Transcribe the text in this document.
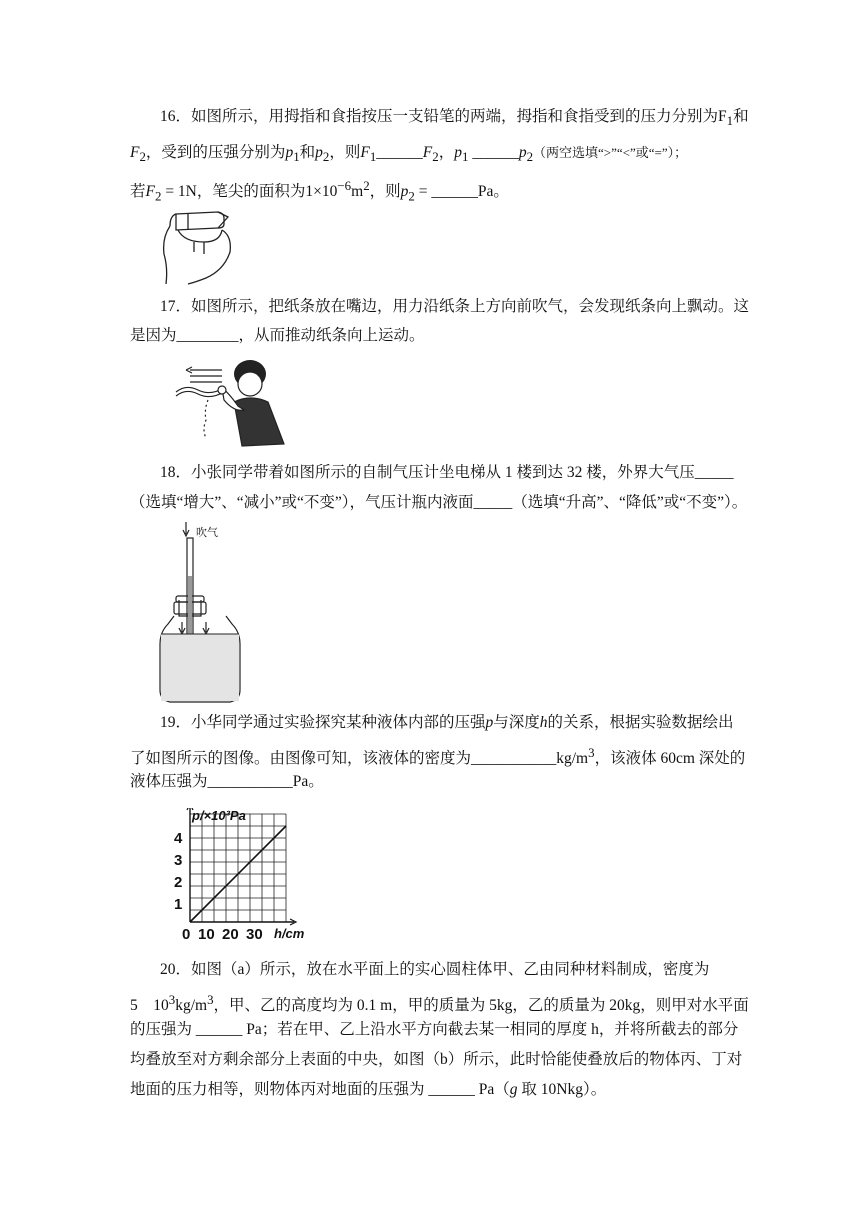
16．如图所示，用拇指和食指按压一支铅笔的两端，拇指和食指受到的压力分别为$F_1$和
$F_2$，受到的压强分别为$p_1$和$p_2$，则$F_1\_\_\_\_\_\_F_2$，$p_1$ $\_\_\_\_\_\_p_2$（两空选填“>”“<”或“=”）；
若$F_2 = 1N$，笔尖的面积为$1\times 10^{-6}m^2$，则$p_2$ = ______Pa。
17．如图所示，把纸条放在嘴边，用力沿纸条上方向前吹气，会发现纸条向上飘动。这
是因为________，从而推动纸条向上运动。
18．小张同学带着如图所示的自制气压计坐电梯从 1 楼到达 32 楼，外界大气压_____
（选填“增大”、“减小”或“不变”），气压计瓶内液面_____（选填“升高”、“降低”或“不变”）。
吹气
19．小华同学通过实验探究某种液体内部的压强p与深度h的关系，根据实验数据绘出
了如图所示的图像。由图像可知，该液体的密度为$\_\_\_\_\_\_\_\_\_\_\_kg/m^3$，该液体 60cm 深处的
液体压强为___________Pa。
p/×10³Pa
h/cm
0 10 20 30
1
2
3
4
20．如图（a）所示，放在水平面上的实心圆柱体甲、乙由同种材料制成，密度为
5　$10^3kg/m^3$，甲、乙的高度均为 0.1 m，甲的质量为 5kg，乙的质量为 20kg，则甲对水平面
的压强为 ______ Pa；若在甲、乙上沿水平方向截去某一相同的厚度 h，并将所截去的部分
均叠放至对方剩余部分上表面的中央，如图（b）所示，此时恰能使叠放后的物体丙、丁对
地面的压力相等，则物体丙对地面的压强为 ______ Pa（g 取 10Nkg）。
